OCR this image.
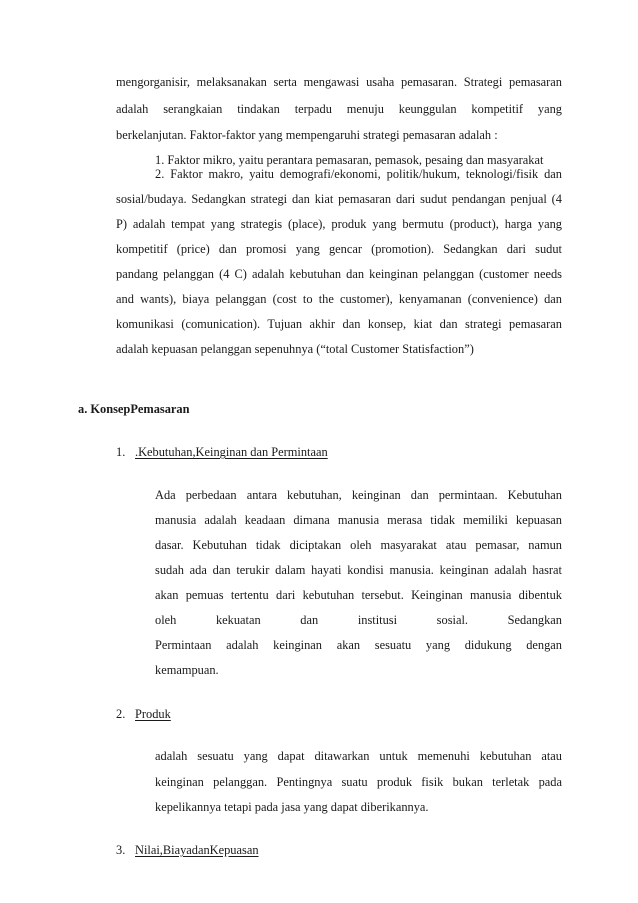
mengorganisir, melaksanakan serta mengawasi usaha pemasaran. Strategi pemasaran
adalah serangkaian tindakan terpadu menuju keunggulan kompetitif yang
berkelanjutan. Faktor-faktor yang mempengaruhi strategi pemasaran adalah :
1. Faktor mikro, yaitu perantara pemasaran, pemasok, pesaing dan masyarakat
2. Faktor makro, yaitu demografi/ekonomi, politik/hukum, teknologi/fisik dan
sosial/budaya. Sedangkan strategi dan kiat pemasaran dari sudut pendangan penjual (4
P) adalah tempat yang strategis (place), produk yang bermutu (product), harga yang
kompetitif (price) dan promosi yang gencar (promotion). Sedangkan dari sudut
pandang pelanggan (4 C) adalah kebutuhan dan keinginan pelanggan (customer needs
and wants), biaya pelanggan (cost to the customer), kenyamanan (convenience) dan
komunikasi (comunication). Tujuan akhir dan konsep, kiat dan strategi pemasaran
adalah kepuasan pelanggan sepenuhnya (“total Customer Statisfaction”)
a. KonsepPemasaran
1. .Kebutuhan,Keinginan dan Permintaan
Ada perbedaan antara kebutuhan, keinginan dan permintaan. Kebutuhan
manusia adalah keadaan dimana manusia merasa tidak memiliki kepuasan
dasar. Kebutuhan tidak diciptakan oleh masyarakat atau pemasar, namun
sudah ada dan terukir dalam hayati kondisi manusia. keinginan adalah hasrat
akan pemuas tertentu dari kebutuhan tersebut. Keinginan manusia dibentuk
oleh kekuatan dan institusi sosial. Sedangkan
Permintaan adalah keinginan akan sesuatu yang didukung dengan
kemampuan.
2. Produk
adalah sesuatu yang dapat ditawarkan untuk memenuhi kebutuhan atau
keinginan pelanggan. Pentingnya suatu produk fisik bukan terletak pada
kepelikannya tetapi pada jasa yang dapat diberikannya.
3. Nilai,BiayadanKepuasan
